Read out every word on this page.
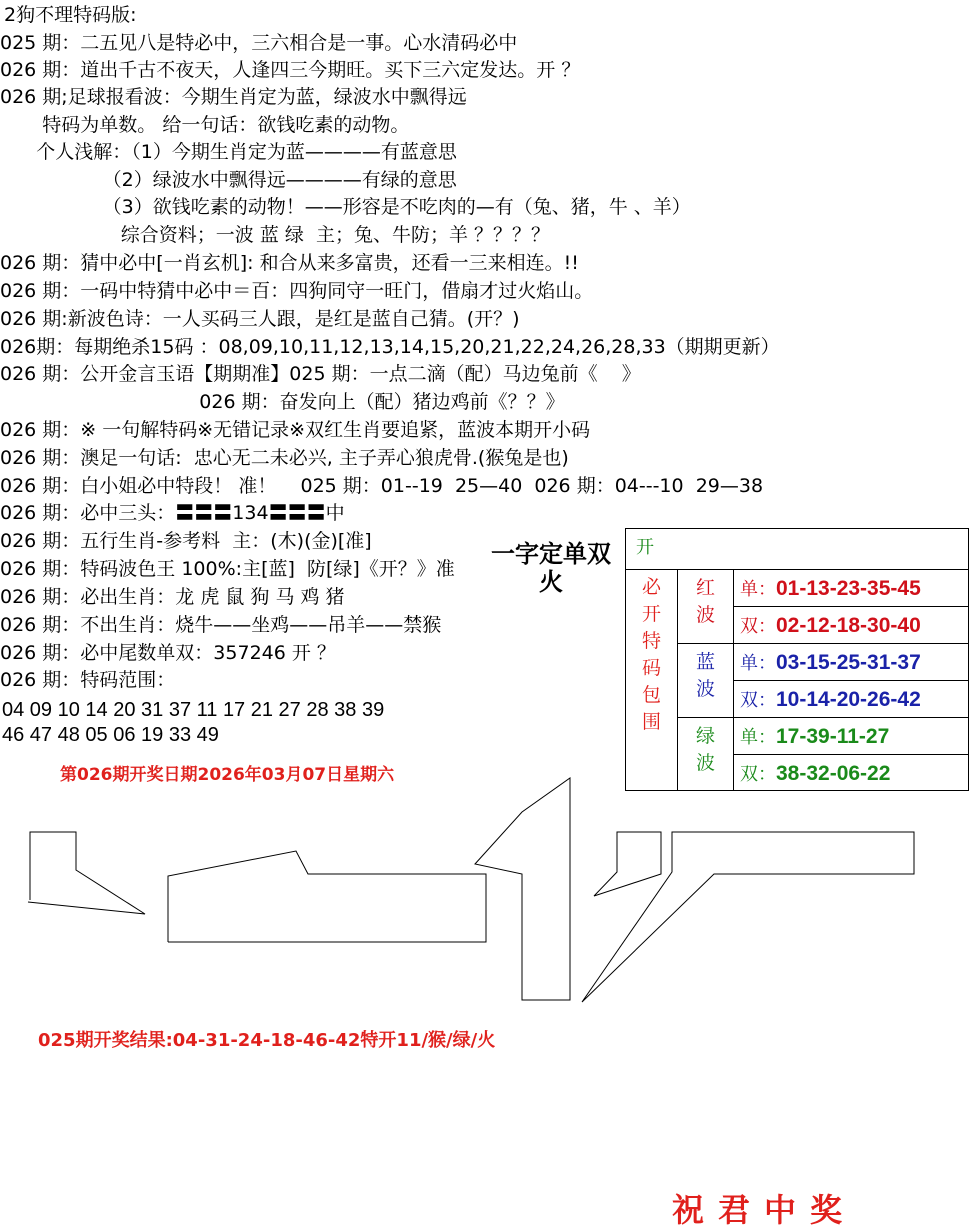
2狗不理特码版:
025 期：二五见八是特必中，三六相合是一事。心水清码必中
026 期：道出千古不夜天，人逢四三今期旺。买下三六定发达。开 ？
026 期;足球报看波：今期生肖定为蓝，绿波水中飘得远
特码为单数。 给一句话：欲钱吃素的动物。
个人浅解：（1）今期生肖定为蓝————有蓝意思
（2）绿波水中飘得远————有绿的意思
（3）欲钱吃素的动物！——形容是不吃肉的—有（兔、猪，牛 、羊）
综合资料；一波 蓝 绿  主；兔、牛防；羊 ？？？？
026 期：猜中必中[一肖玄机]: 和合从来多富贵，还看一三来相连。!!
026 期：一码中特猜中必中＝百：四狗同守一旺门，借扇才过火焰山。
026 期:新波色诗：一人买码三人跟，是红是蓝自己猜。(开？)
026期：每期绝杀15码 ：08,09,10,11,12,13,14,15,20,21,22,24,26,28,33（期期更新）
026 期：公开金言玉语【期期准】025 期：一点二滴（配）马边兔前《    》
026 期：奋发向上（配）猪边鸡前《？？》
026 期：※ 一句解特码※无错记录※双红生肖要追紧，蓝波本期开小码
026 期：澳足一句话:  忠心无二未必兴, 主子弄心狼虎骨.(猴兔是也)
026 期：白小姐必中特段！ 准！    025 期：01--19  25—40  026 期：04---10  29—38
026 期：必中三头：〓〓〓134〓〓〓中
026 期：五行生肖-参考料  主：(木)(金)[准]
026 期：特码波色王 100%:主[蓝]  防[绿]《开？》准
026 期：必出生肖：龙 虎 鼠 狗 马 鸡 猪
026 期：不出生肖：烧牛——坐鸡——吊羊——禁猴
026 期：必中尾数单双：357246 开 ？
026 期：特码范围：
04 09 10 14 20 31 37 11 17 21 27 28 38 39
46 47 48 05 06 19 33 49
第026期开奖日期2026年03月07日星期六
一字定单双
火
开
必
开
特
码
包
围
红
波
单：01-13-23-35-45
双：02-12-18-30-40
蓝
波
单：03-15-25-31-37
双：10-14-20-26-42
绿
波
单：17-39-11-27
双：38-32-06-22
025期开奖结果:04-31-24-18-46-42特开11/猴/绿/火
祝君中奖
